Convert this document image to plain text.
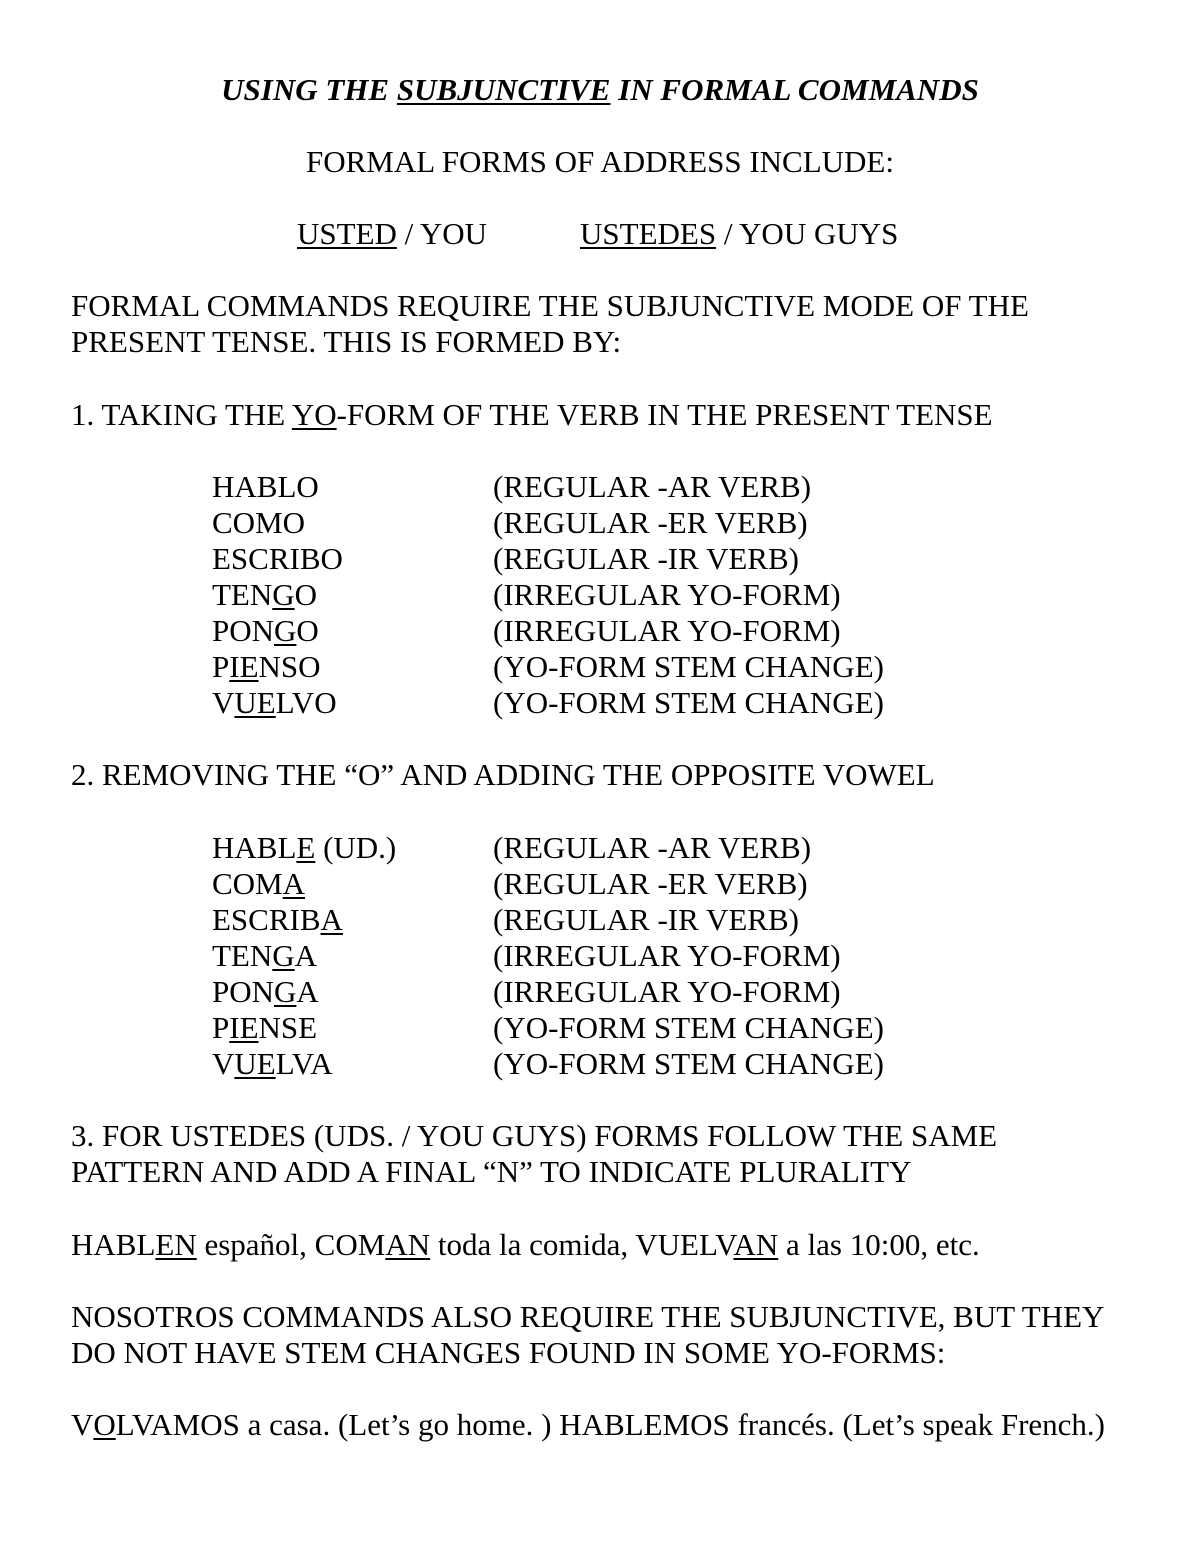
USING THE SUBJUNCTIVE IN FORMAL COMMANDS
FORMAL FORMS OF ADDRESS INCLUDE:
USTED / YOU	USTEDES / YOU GUYS
FORMAL COMMANDS REQUIRE THE SUBJUNCTIVE MODE OF THE
PRESENT TENSE. THIS IS FORMED BY:
1. TAKING THE YO-FORM OF THE VERB IN THE PRESENT TENSE
HABLO	(REGULAR -AR VERB)
COMO	(REGULAR -ER VERB)
ESCRIBO	(REGULAR -IR VERB)
TENGO	(IRREGULAR YO-FORM)
PONGO	(IRREGULAR YO-FORM)
PIENSO	(YO-FORM STEM CHANGE)
VUELVO	(YO-FORM STEM CHANGE)
2. REMOVING THE “O” AND ADDING THE OPPOSITE VOWEL
HABLE (UD.)	(REGULAR -AR VERB)
COMA	(REGULAR -ER VERB)
ESCRIBA	(REGULAR -IR VERB)
TENGA	(IRREGULAR YO-FORM)
PONGA	(IRREGULAR YO-FORM)
PIENSE	(YO-FORM STEM CHANGE)
VUELVA	(YO-FORM STEM CHANGE)
3. FOR USTEDES (UDS. / YOU GUYS) FORMS FOLLOW THE SAME
PATTERN AND ADD A FINAL “N” TO INDICATE PLURALITY
HABLEN español, COMAN toda la comida, VUELVAN a las 10:00, etc.
NOSOTROS COMMANDS ALSO REQUIRE THE SUBJUNCTIVE, BUT THEY
DO NOT HAVE STEM CHANGES FOUND IN SOME YO-FORMS:
VOLVAMOS a casa. (Let’s go home. ) HABLEMOS francés. (Let’s speak French.)
